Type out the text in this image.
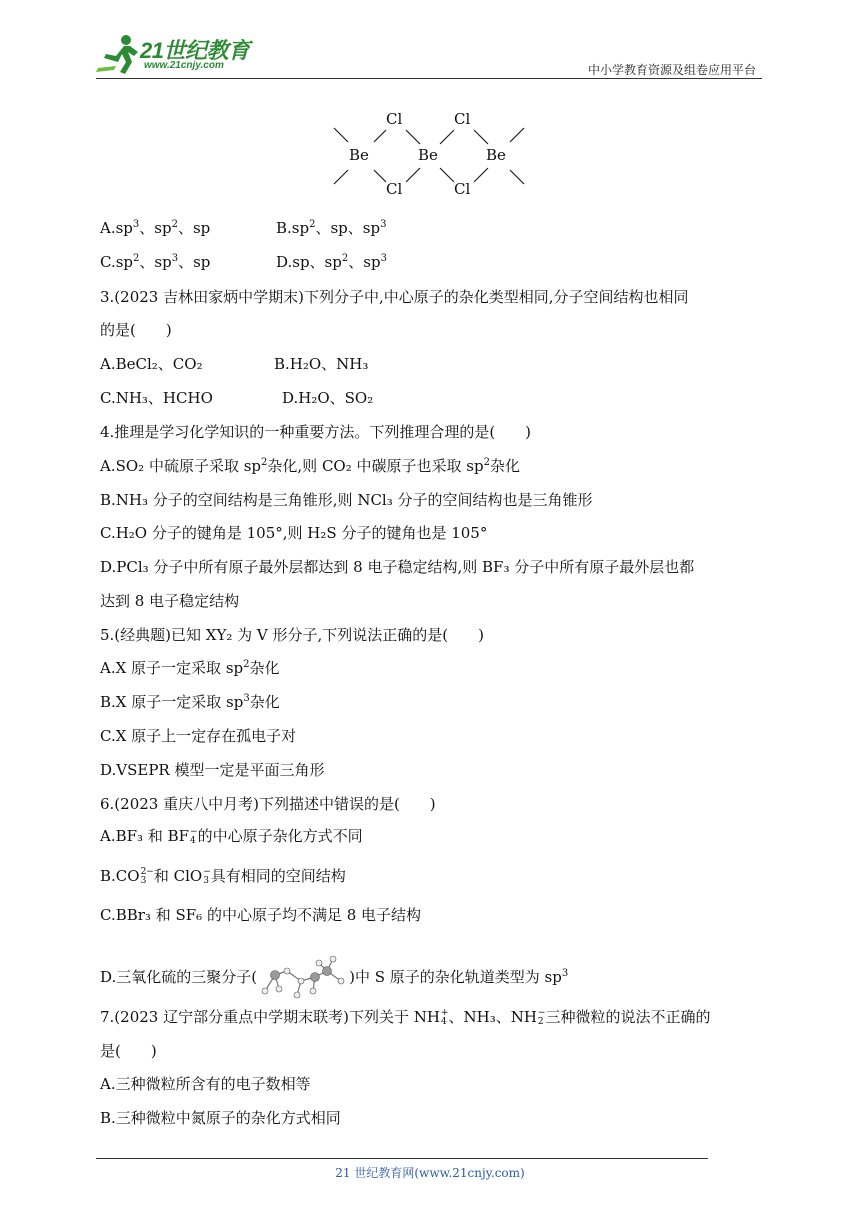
21世纪教育
www.21cnjy.com	中小学教育资源及组卷应用平台
Cl	Cl
Cl	Cl
Be	Be	Be
$A.sp^3$、$sp^2$、sp	$B.sp^2$、sp、$sp^3$
$C.sp^2$、$sp^3$、sp	D.sp、$sp^2$、$sp^3$
3.(2023 吉林田家炳中学期末)下列分子中,中心原子的杂化类型相同,分子空间结构也相同
的是(　　)
A.BeCl₂、CO₂	B.H₂O、NH₃
C.NH₃、HCHO	D.H₂O、SO₂
4.推理是学习化学知识的一种重要方法。下列推理合理的是(　　)
A.SO₂ 中硫原子采取 $sp^2$杂化,则 CO₂ 中碳原子也采取 $sp^2$杂化
B.NH₃ 分子的空间结构是三角锥形,则 NCl₃ 分子的空间结构也是三角锥形
C.H₂O 分子的键角是 105°,则 H₂S 分子的键角也是 105°
D.PCl₃ 分子中所有原子最外层都达到 8 电子稳定结构,则 BF₃ 分子中所有原子最外层也都
达到 8 电子稳定结构
5.(经典题)已知 XY₂ 为 V 形分子,下列说法正确的是(　　)
A.X 原子一定采取 $sp^2$杂化
B.X 原子一定采取 $sp^3$杂化
C.X 原子上一定存在孤电子对
D.VSEPR 模型一定是平面三角形
6.(2023 重庆八中月考)下列描述中错误的是(　　)
A.BF₃ 和 BF −
4 的中心原子杂化方式不同
B.CO 2−
3 和 ClO −
3 具有相同的空间结构
C.BBr₃ 和 SF₆ 的中心原子均不满足 8 电子结构
D.三氧化硫的三聚分子(	)中 S 原子的杂化轨道类型为 $sp^3$
7.(2023 辽宁部分重点中学期末联考)下列关于 NH +
4 、NH₃、NH −
2 三种微粒的说法不正确的
是(　　)
A.三种微粒所含有的电子数相等
B.三种微粒中氮原子的杂化方式相同
21 世纪教育网(www.21cnjy.com)
